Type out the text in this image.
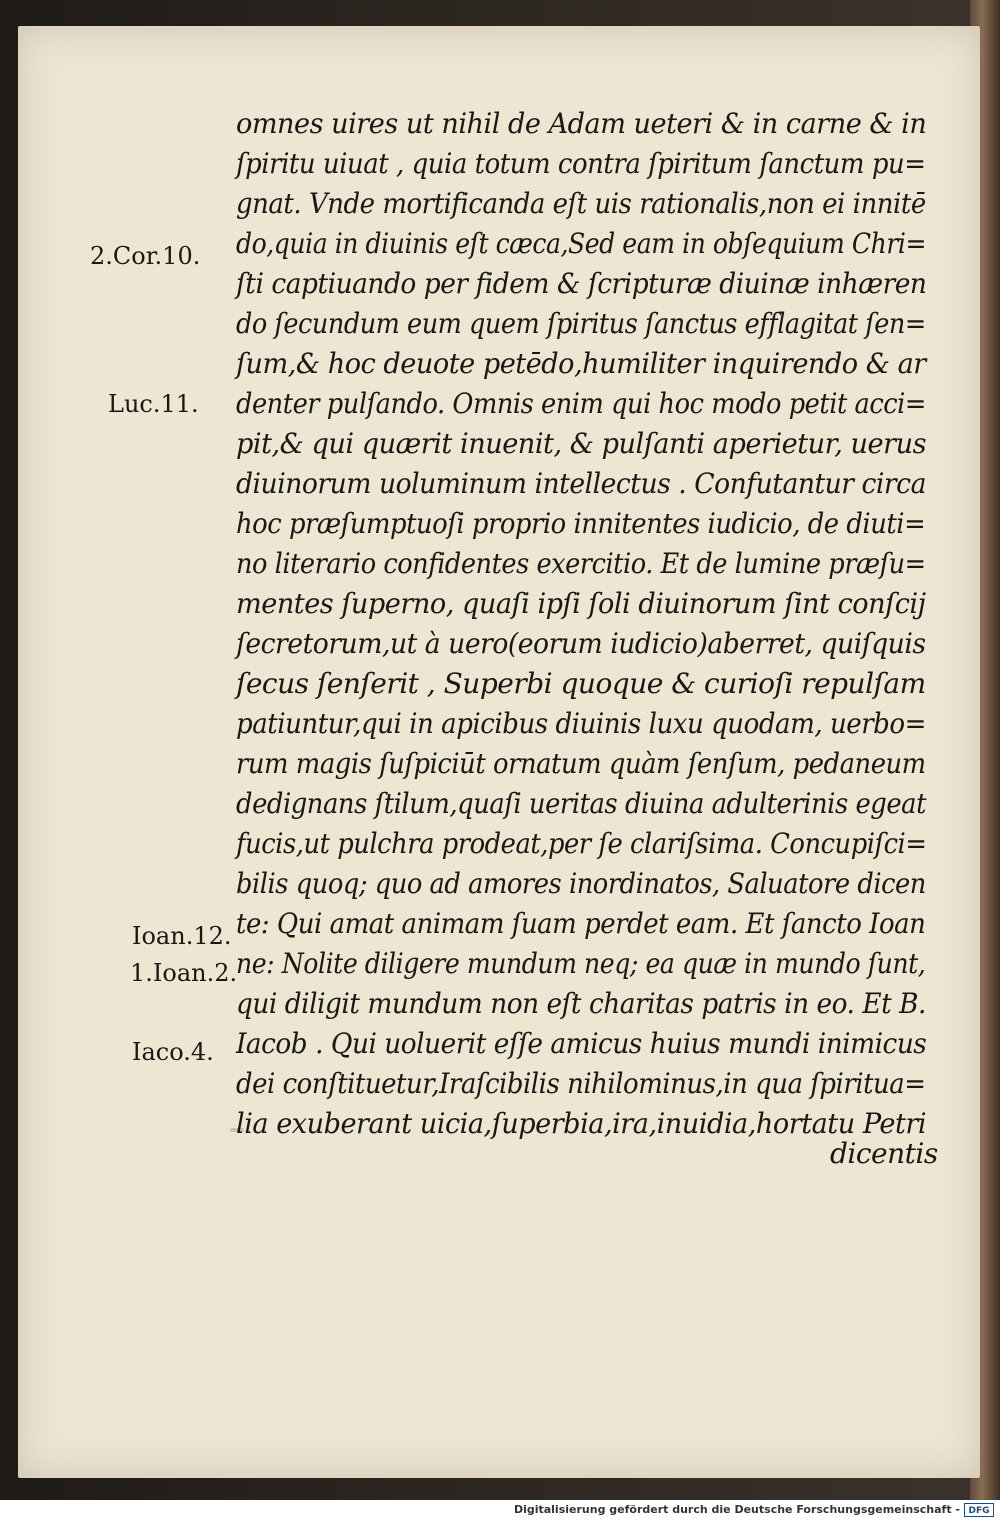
omnes uires ut nihil de Adam ueteri & in carne & in
ſpiritu uiuat , quia totum contra ſpiritum ſanctum pu=
gnat. Vnde mortificanda eſt uis rationalis,non ei innitē
do,quia in diuinis eſt cæca,Sed eam in obſequium Chri=
ſti captiuando per fidem & ſcripturæ diuinæ inhæren
do ſecundum eum quem ſpiritus ſanctus efflagitat ſen=
ſum,& hoc deuote petēdo,humiliter inquirendo & ar
denter pulſando. Omnis enim qui hoc modo petit acci=
pit,& qui quærit inuenit, & pulſanti aperietur, uerus
diuinorum uoluminum intellectus . Confutantur circa
hoc præſumptuoſi proprio innitentes iudicio, de diuti=
no literario confidentes exercitio. Et de lumine præſu=
mentes ſuperno, quaſi ipſi ſoli diuinorum ſint conſcij
ſecretorum,ut à uero(eorum iudicio)aberret, quiſquis
ſecus ſenſerit , Superbi quoque & curioſi repulſam
patiuntur,qui in apicibus diuinis luxu quodam, uerbo=
rum magis ſuſpiciūt ornatum quàm ſenſum, pedaneum
dedignans ſtilum,quaſi ueritas diuina adulterinis egeat
fucis,ut pulchra prodeat,per ſe clariſsima. Concupiſci=
bilis quoq; quo ad amores inordinatos, Saluatore dicen
te: Qui amat animam ſuam perdet eam. Et ſancto Ioan
ne: Nolite diligere mundum neq; ea quæ in mundo ſunt,
qui diligit mundum non eſt charitas patris in eo. Et B.
Iacob . Qui uoluerit eſſe amicus huius mundi inimicus
dei conſtituetur,Iraſcibilis nihilominus,in qua ſpiritua=
lia exuberant uicia,ſuperbia,ira,inuidia,hortatu Petri
dicentis
2.Cor.10.
Luc.11.
Ioan.12.
1.Ioan.2.
Iaco.4.
Digitalisierung gefördert durch die Deutsche Forschungsgemeinschaft - DFG
